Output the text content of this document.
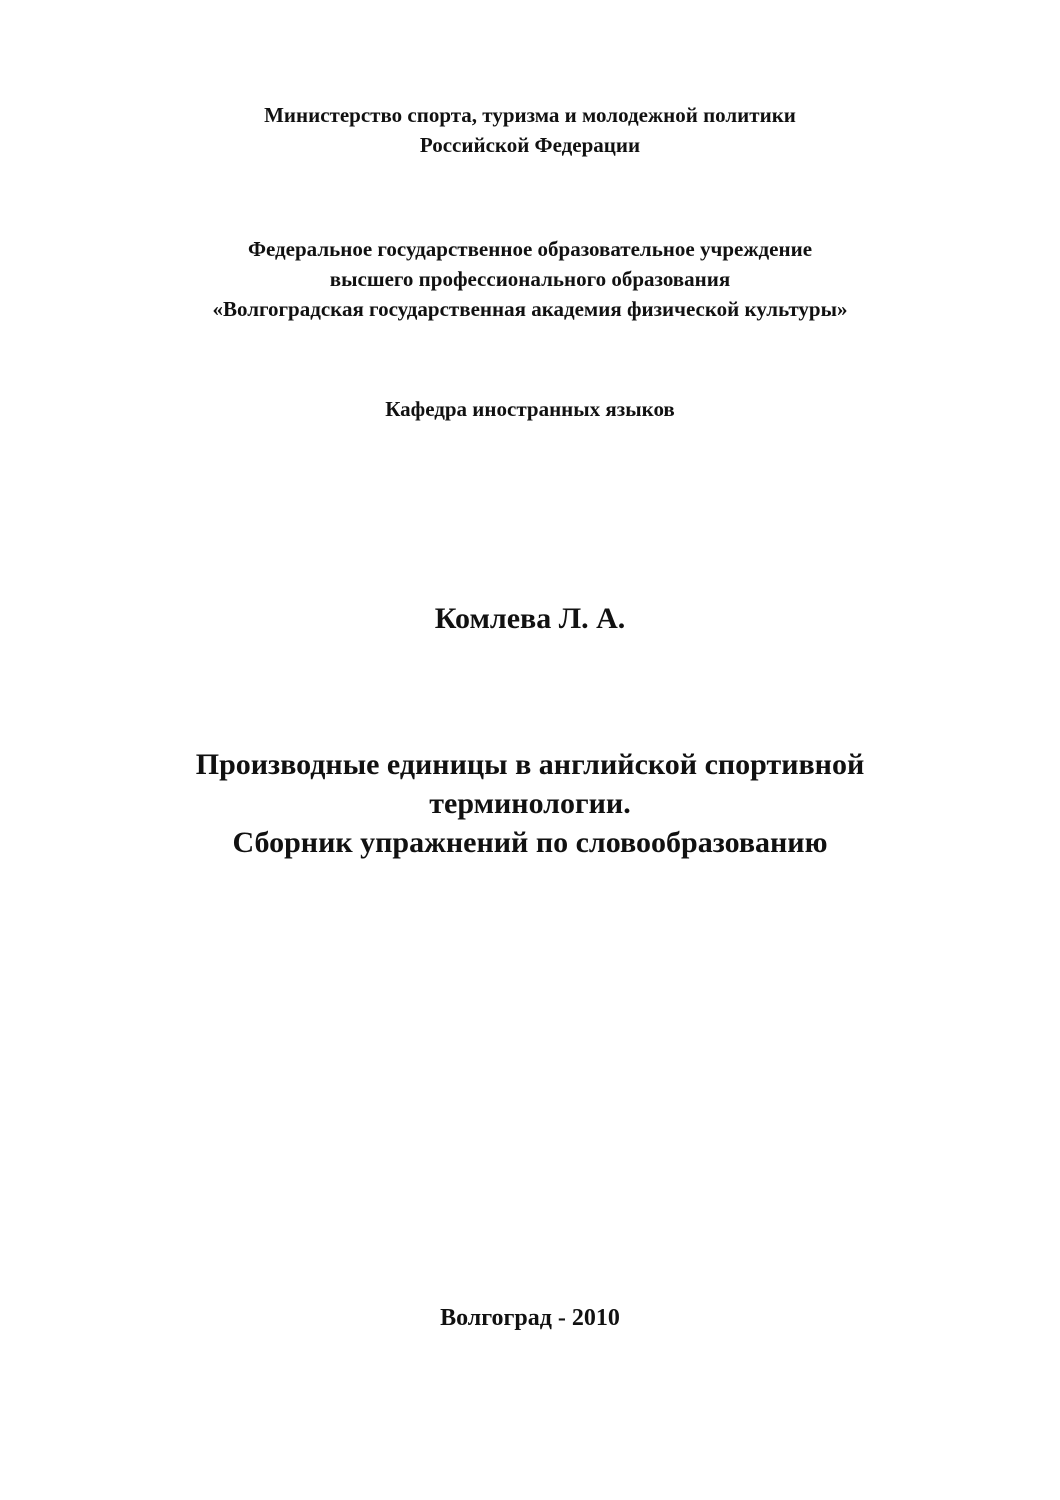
Министерство спорта, туризма и молодежной политики
Российской Федерации
Федеральное государственное образовательное учреждение
высшего профессионального образования
«Волгоградская государственная академия физической культуры»
Кафедра иностранных языков
Комлева Л. А.
Производные единицы в английской спортивной
терминологии.
Сборник упражнений по словообразованию
Волгоград - 2010
